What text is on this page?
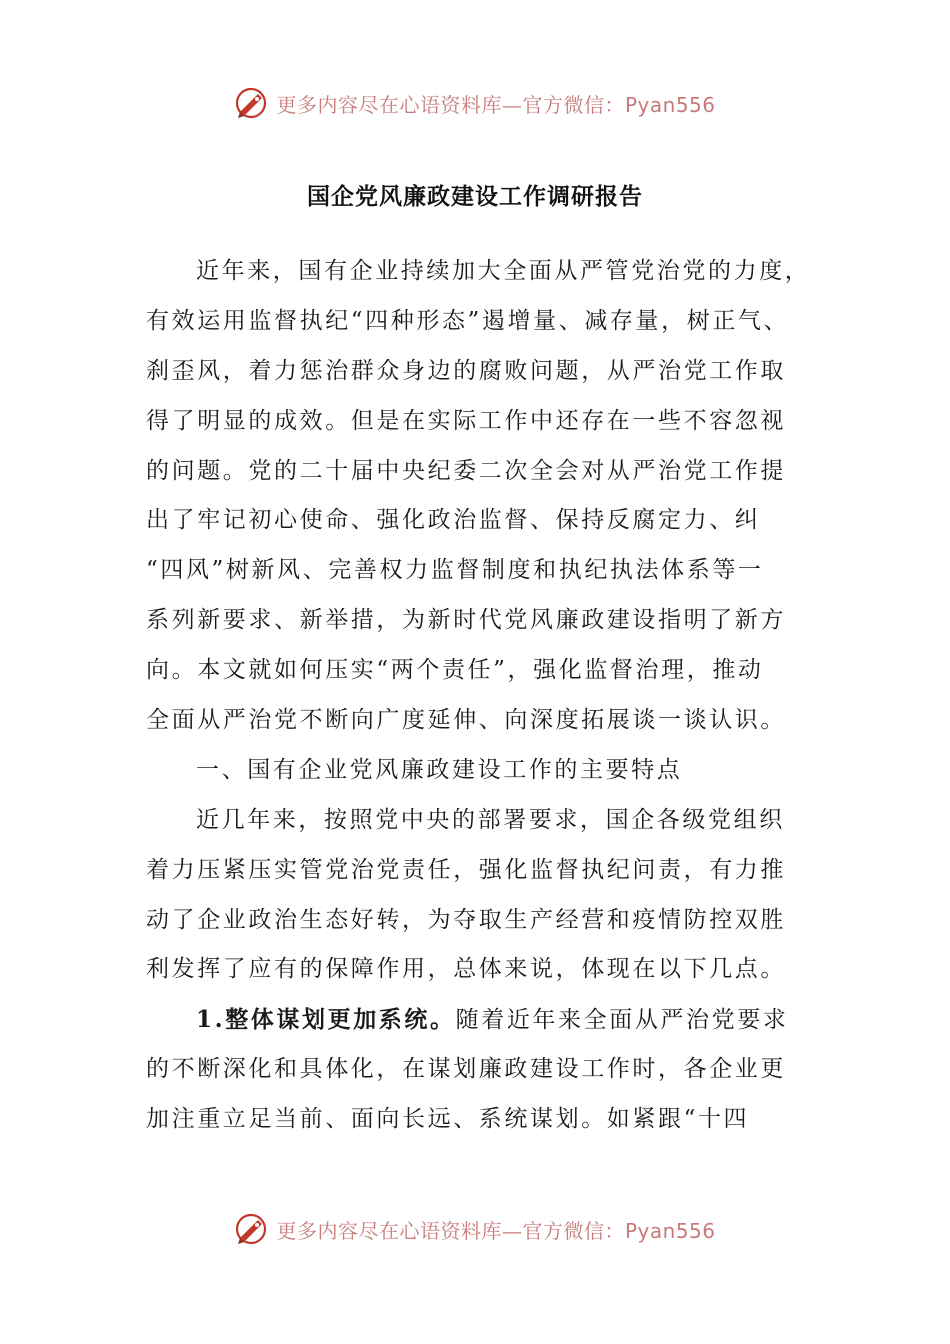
更多内容尽在心语资料库—官方微信：Pyan556
国企党风廉政建设工作调研报告
近年来，国有企业持续加大全面从严管党治党的力度，
有效运用监督执纪“四种形态”遏增量、减存量，树正气、
刹歪风，着力惩治群众身边的腐败问题，从严治党工作取
得了明显的成效。但是在实际工作中还存在一些不容忽视
的问题。党的二十届中央纪委二次全会对从严治党工作提
出了牢记初心使命、强化政治监督、保持反腐定力、纠
“四风”树新风、完善权力监督制度和执纪执法体系等一
系列新要求、新举措，为新时代党风廉政建设指明了新方
向。本文就如何压实“两个责任”，强化监督治理，推动
全面从严治党不断向广度延伸、向深度拓展谈一谈认识。
一、国有企业党风廉政建设工作的主要特点
近几年来，按照党中央的部署要求，国企各级党组织
着力压紧压实管党治党责任，强化监督执纪问责，有力推
动了企业政治生态好转，为夺取生产经营和疫情防控双胜
利发挥了应有的保障作用，总体来说，体现在以下几点。
1.整体谋划更加系统。随着近年来全面从严治党要求
的不断深化和具体化，在谋划廉政建设工作时，各企业更
加注重立足当前、面向长远、系统谋划。如紧跟“十四
更多内容尽在心语资料库—官方微信：Pyan556
